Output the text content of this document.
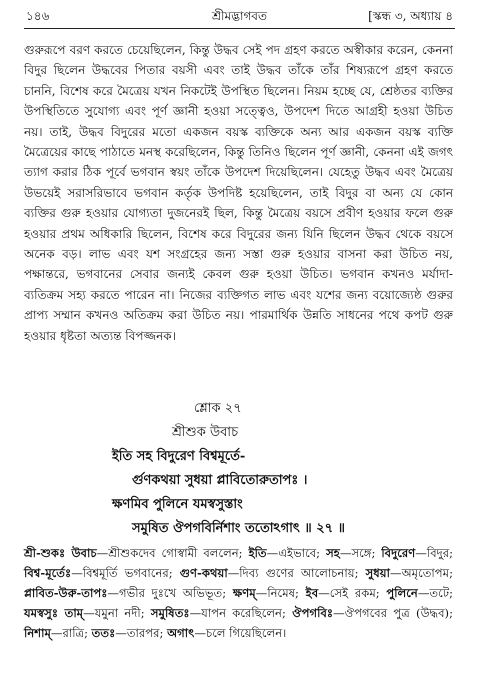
১৪৬	শ্রীমদ্ভাগবত	[স্কন্ধ ৩, অধ্যায় ৪

গুরুরূপে বরণ করতে চেয়েছিলেন, কিন্তু উদ্ধব সেই পদ গ্রহণ করতে অস্বীকার করেন, কেননা বিদুর ছিলেন উদ্ধবের পিতার বয়সী এবং তাই উদ্ধব তাঁকে তাঁর শিষ্যরূপে গ্রহণ করতে চাননি, বিশেষ করে মৈত্রেয় যখন নিকটেই উপস্থিত ছিলেন। নিয়ম হচ্ছে যে, শ্রেষ্ঠতর ব্যক্তির উপস্থিতিতে সুযোগ্য এবং পূর্ণ জ্ঞানী হওয়া সত্ত্বেও, উপদেশ দিতে আগ্রহী হওয়া উচিত নয়। তাই, উদ্ধব বিদুরের মতো একজন বয়স্ক ব্যক্তিকে অন্য আর একজন বয়স্ক ব্যক্তি মৈত্রেয়ের কাছে পাঠাতে মনস্থ করেছিলেন, কিন্তু তিনিও ছিলেন পূর্ণ জ্ঞানী, কেননা এই জগৎ ত্যাগ করার ঠিক পূর্বে ভগবান স্বয়ং তাঁকে উপদেশ দিয়েছিলেন। যেহেতু উদ্ধব এবং মৈত্রেয় উভয়েই সরাসরিভাবে ভগবান কর্তৃক উপদিষ্ট হয়েছিলেন, তাই বিদুর বা অন্য যে কোন ব্যক্তির গুরু হওয়ার যোগ্যতা দুজনেরই ছিল, কিন্তু মৈত্রেয় বয়সে প্রবীণ হওয়ার ফলে গুরু হওয়ার প্রথম অধিকারি ছিলেন, বিশেষ করে বিদুরের জন্য যিনি ছিলেন উদ্ধব থেকে বয়সে অনেক বড়। লাভ এবং যশ সংগ্রহের জন্য সস্তা গুরু হওয়ার বাসনা করা উচিত নয়, পক্ষান্তরে, ভগবানের সেবার জন্যই কেবল গুরু হওয়া উচিত। ভগবান কখনও মর্যাদা-ব্যতিক্রম সহ্য করতে পারেন না। নিজের ব্যক্তিগত লাভ এবং যশের জন্য বয়োজ্যেষ্ঠ গুরুর প্রাপ্য সম্মান কখনও অতিক্রম করা উচিত নয়। পারমার্থিক উন্নতি সাধনের পথে কপট গুরু হওয়ার ধৃষ্টতা অত্যন্ত বিপজ্জনক।

শ্লোক ২৭
শ্রীশুক উবাচ
ইতি সহ বিদুরেণ বিশ্বমূর্তে-
র্গুণকথয়া সুধয়া প্লাবিতোরুতাপঃ ।
ক্ষণমিব পুলিনে যমস্বসুস্তাং
সমুষিত ঔপগবির্নিশাং ততোঽগাৎ ॥ ২৭ ॥

শ্রী-শুকঃ উবাচ—শ্রীশুকদেব গোস্বামী বললেন; ইতি—এইভাবে; সহ—সঙ্গে; বিদুরেণ—বিদুর; বিশ্ব-মূর্তেঃ—বিশ্বমূর্তি ভগবানের; গুণ-কথয়া—দিব্য গুণের আলোচনায়; সুধয়া—অমৃতোপম; প্লাবিত-উরু-তাপঃ—গভীর দুঃখে অভিভূত; ক্ষণম্—নিমেষ; ইব—সেই রকম; পুলিনে—তটে; যমস্বসুঃ তাম্—যমুনা নদী; সমুষিতঃ—যাপন করেছিলেন; ঔপগবিঃ—ঔপগবের পুত্র (উদ্ধব); নিশাম্—রাত্রি; ততঃ—তারপর; অগাৎ—চলে গিয়েছিলেন।
